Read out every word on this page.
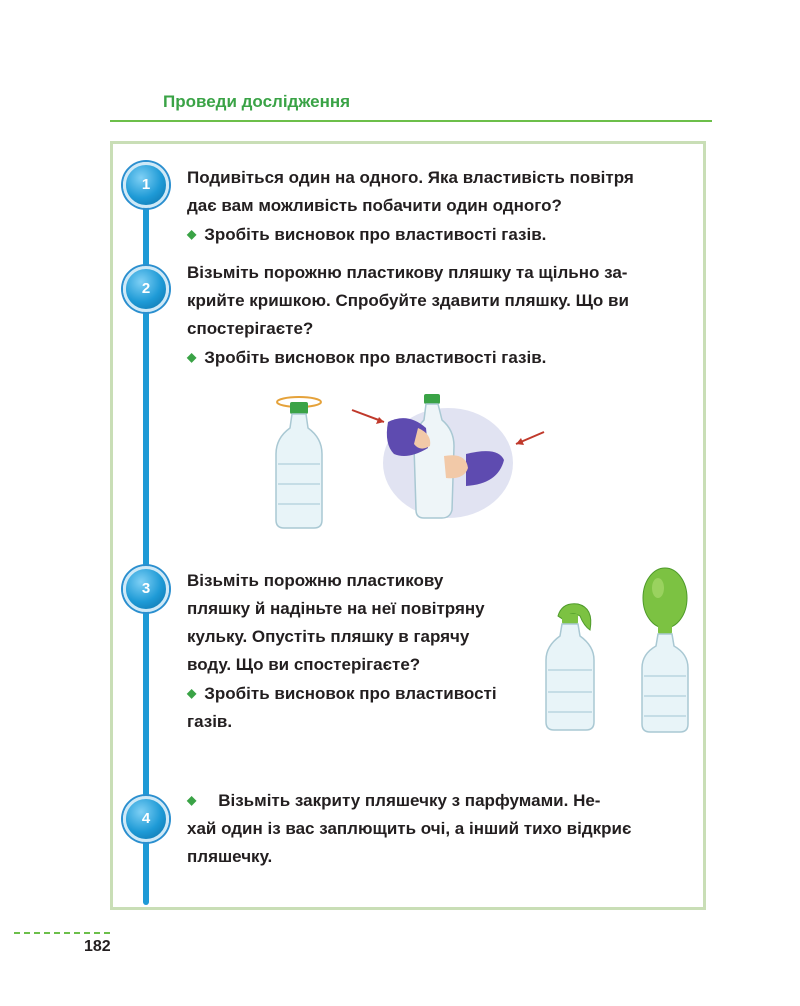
Проведи дослідження
1	Подивіться один на одного. Яка властивість повітря
дає вам можливість побачити один одного?
◆ Зробіть висновок про властивості газів.
2
Візьміть порожню пластикову пляшку та щільно за-
крийте кришкою. Спробуйте здавити пляшку. Що ви
спостерігаєте?
◆ Зробіть висновок про властивості газів.
3	Візьміть порожню пластикову
пляшку й надіньте на неї повітряну
кульку. Опустіть пляшку в гарячу
воду. Що ви спостерігаєте?
◆ Зробіть висновок про властивості
газів.
4
◆ Візьміть закриту пляшечку з парфумами. Не-
хай один із вас заплющить очі, а інший тихо відкриє
пляшечку.
182
